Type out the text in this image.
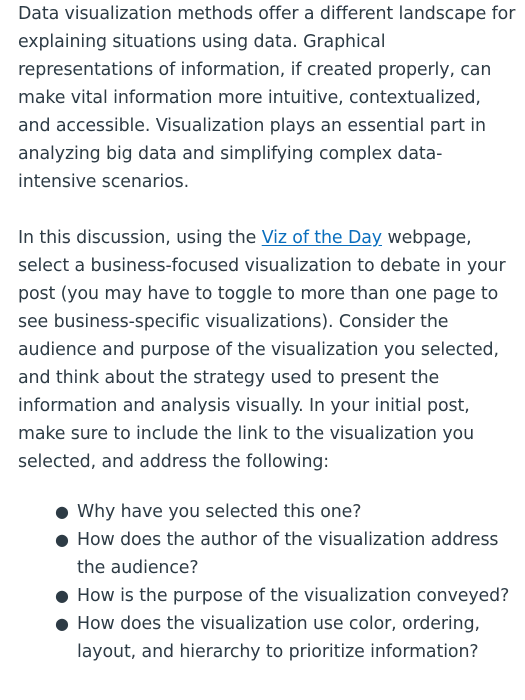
Data visualization methods offer a different landscape for explaining situations using data. Graphical representations of information, if created properly, can make vital information more intuitive, contextualized, and accessible. Visualization plays an essential part in analyzing big data and simplifying complex data-intensive scenarios.

In this discussion, using the Viz of the Day webpage, select a business-focused visualization to debate in your post (you may have to toggle to more than one page to see business-specific visualizations). Consider the audience and purpose of the visualization you selected, and think about the strategy used to present the information and analysis visually. In your initial post, make sure to include the link to the visualization you selected, and address the following:

● Why have you selected this one?
● How does the author of the visualization address the audience?
● How is the purpose of the visualization conveyed?
● How does the visualization use color, ordering, layout, and hierarchy to prioritize information?
